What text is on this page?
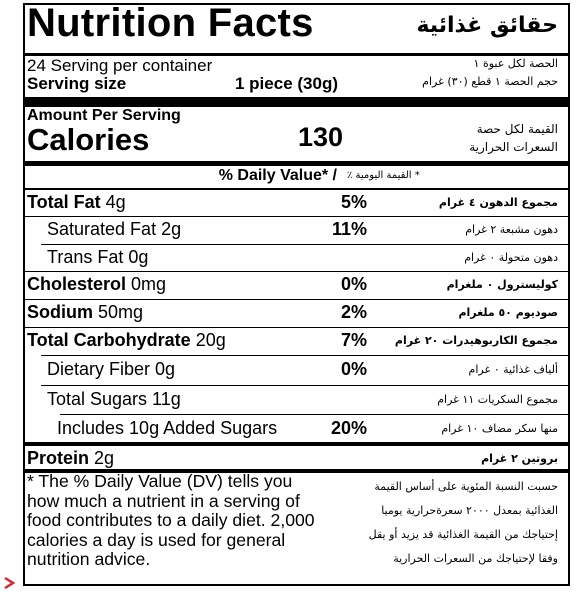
Nutrition Facts	حقائق غذائية
24 Serving per container
Serving size	1 piece (30g)
الحصة لكل عبوة ١
حجم الحصة ١ قطع (٣٠) غرام
Amount Per Serving
Calories	130	القيمة لكل حصة
السعرات الحرارية
% Daily Value* / * القيمة اليومية ٪
Total Fat 4g	5%	مجموع الدهون ٤ غرام
Saturated Fat 2g	11%	دهون مشبعة ٢ غرام
Trans Fat 0g	دهون متحولة ٠ غرام
Cholesterol 0mg	0%	كوليسترول ٠ ملغرام
Sodium 50mg	2%	صوديوم ٥٠ ملغرام
Total Carbohydrate 20g	7%	مجموع الكاربوهيدرات ٢٠ غرام
Dietary Fiber 0g	0%	ألياف غذائية ٠ غرام
Total Sugars 11g	مجموع السكريات ١١ غرام
Includes 10g Added Sugars	20%	منها سكر مضاف ١٠ غرام
Protein 2g	بروتين ٢ غرام
* The % Daily Value (DV) tells you how much a nutrient in a serving of food contributes to a daily diet. 2,000 calories a day is used for general nutrition advice.
حسبت النسبة المئوية على أساس القيمة
الغذائية بمعدل ٢٠٠٠ سعرةحرارية يوميا
إحتياجك من القيمة الغذائية قد يزيد أو يقل
وفقا لإحتياجك من السعرات الحرارية
